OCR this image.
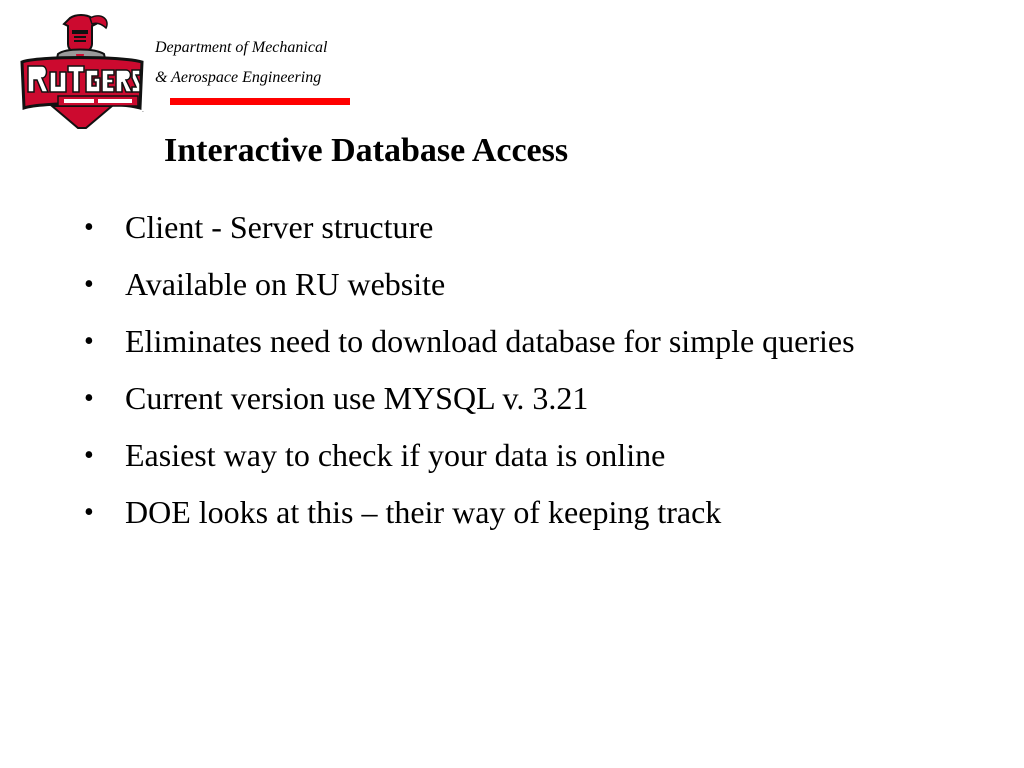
.
Department of Mechanical
& Aerospace Engineering
Interactive Database Access
• Client - Server structure
• Available on RU website
• Eliminates need to download database for simple queries
• Current version use MYSQL v. 3.21
• Easiest way to check if your data is online
• DOE looks at this – their way of keeping track
